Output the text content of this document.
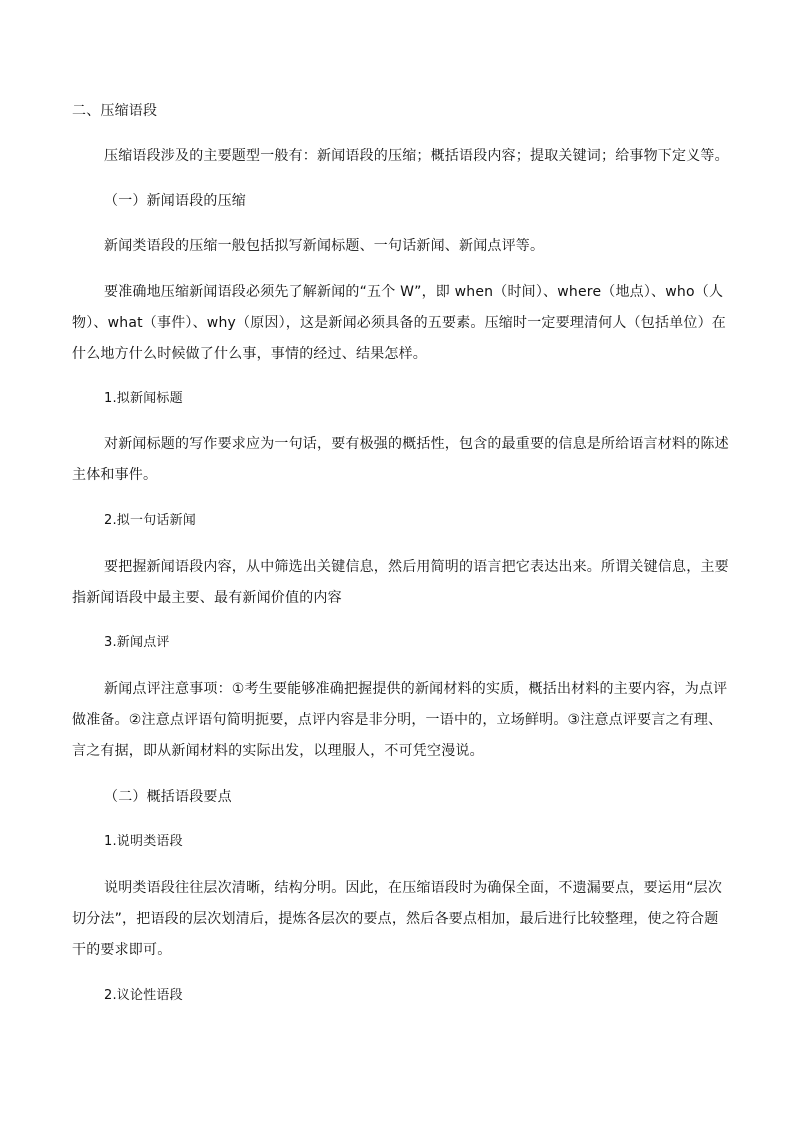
二、压缩语段
压缩语段涉及的主要题型一般有：新闻语段的压缩；概括语段内容；提取关键词；给事物下定义等。
（一）新闻语段的压缩
新闻类语段的压缩一般包括拟写新闻标题、一句话新闻、新闻点评等。
要准确地压缩新闻语段必须先了解新闻的“五个 W”，即 when（时间）、where（地点）、who（人
物）、what（事件）、why（原因），这是新闻必须具备的五要素。压缩时一定要理清何人（包括单位）在
什么地方什么时候做了什么事，事情的经过、结果怎样。
1.拟新闻标题
对新闻标题的写作要求应为一句话，要有极强的概括性，包含的最重要的信息是所给语言材料的陈述
主体和事件。
2.拟一句话新闻
要把握新闻语段内容，从中筛选出关键信息，然后用简明的语言把它表达出来。所谓关键信息，主要
指新闻语段中最主要、最有新闻价值的内容
3.新闻点评
新闻点评注意事项：①考生要能够准确把握提供的新闻材料的实质，概括出材料的主要内容，为点评
做准备。②注意点评语句简明扼要，点评内容是非分明，一语中的，立场鲜明。③注意点评要言之有理、
言之有据，即从新闻材料的实际出发，以理服人，不可凭空漫说。
（二）概括语段要点
1.说明类语段
说明类语段往往层次清晰，结构分明。因此，在压缩语段时为确保全面，不遗漏要点，要运用“层次
切分法”，把语段的层次划清后，提炼各层次的要点，然后各要点相加，最后进行比较整理，使之符合题
干的要求即可。
2.议论性语段
